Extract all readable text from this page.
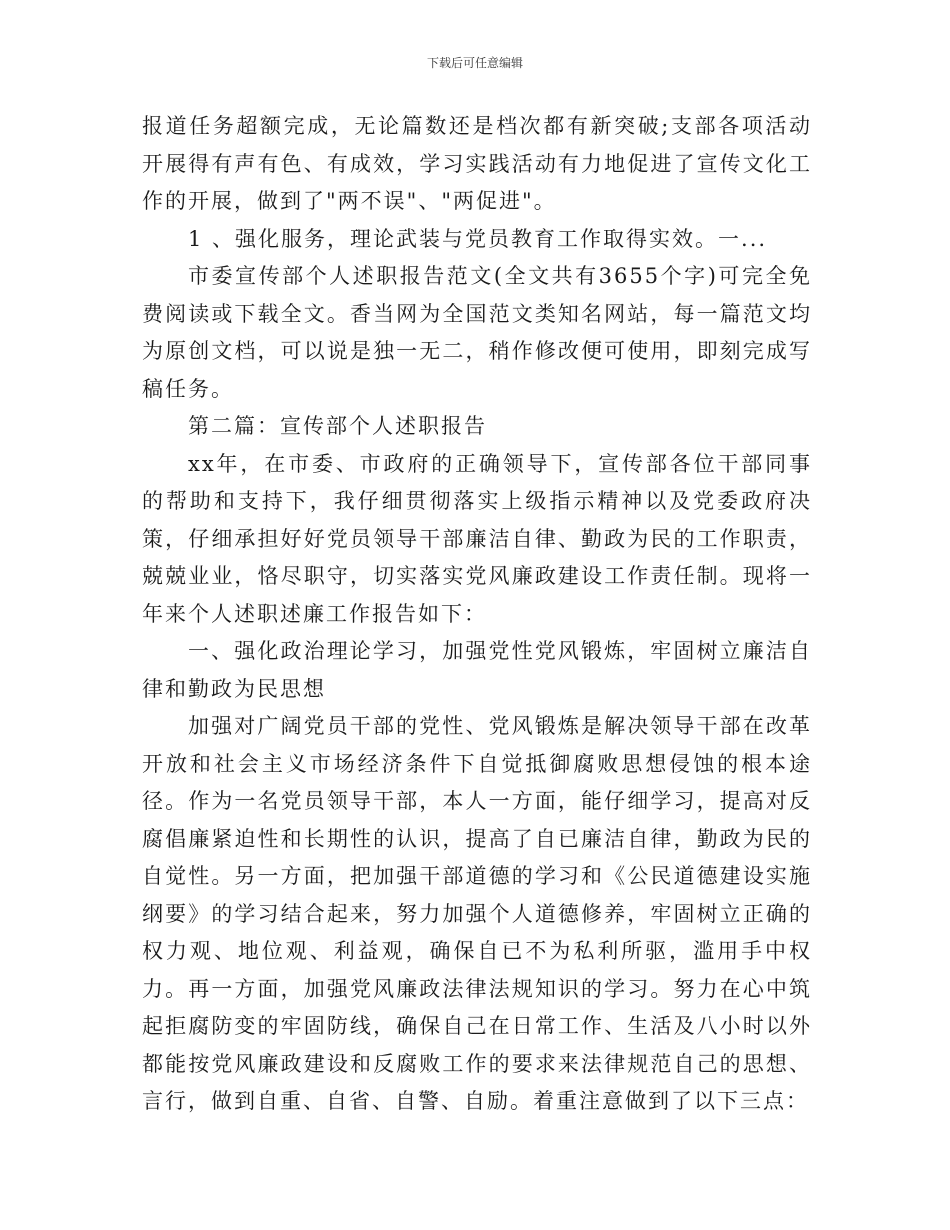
下载后可任意编辑

报道任务超额完成，无论篇数还是档次都有新突破;支部各项活动开展得有声有色、有成效，学习实践活动有力地促进了宣传文化工作的开展，做到了"两不误"、"两促进"。

1 、强化服务，理论武装与党员教育工作取得实效。一...

市委宣传部个人述职报告范文(全文共有3655个字)可完全免费阅读或下载全文。香当网为全国范文类知名网站，每一篇范文均为原创文档，可以说是独一无二，稍作修改便可使用，即刻完成写稿任务。

第二篇：宣传部个人述职报告

xx年，在市委、市政府的正确领导下，宣传部各位干部同事的帮助和支持下，我仔细贯彻落实上级指示精神以及党委政府决策，仔细承担好好党员领导干部廉洁自律、勤政为民的工作职责，兢兢业业，恪尽职守，切实落实党风廉政建设工作责任制。现将一年来个人述职述廉工作报告如下：

一、强化政治理论学习，加强党性党风锻炼，牢固树立廉洁自律和勤政为民思想

加强对广阔党员干部的党性、党风锻炼是解决领导干部在改革开放和社会主义市场经济条件下自觉抵御腐败思想侵蚀的根本途径。作为一名党员领导干部，本人一方面，能仔细学习，提高对反腐倡廉紧迫性和长期性的认识，提高了自已廉洁自律，勤政为民的自觉性。另一方面，把加强干部道德的学习和《公民道德建设实施纲要》的学习结合起来，努力加强个人道德修养，牢固树立正确的权力观、地位观、利益观，确保自已不为私利所驱，滥用手中权力。再一方面，加强党风廉政法律法规知识的学习。努力在心中筑起拒腐防变的牢固防线，确保自己在日常工作、生活及八小时以外都能按党风廉政建设和反腐败工作的要求来法律规范自己的思想、言行，做到自重、自省、自警、自励。着重注意做到了以下三点：
